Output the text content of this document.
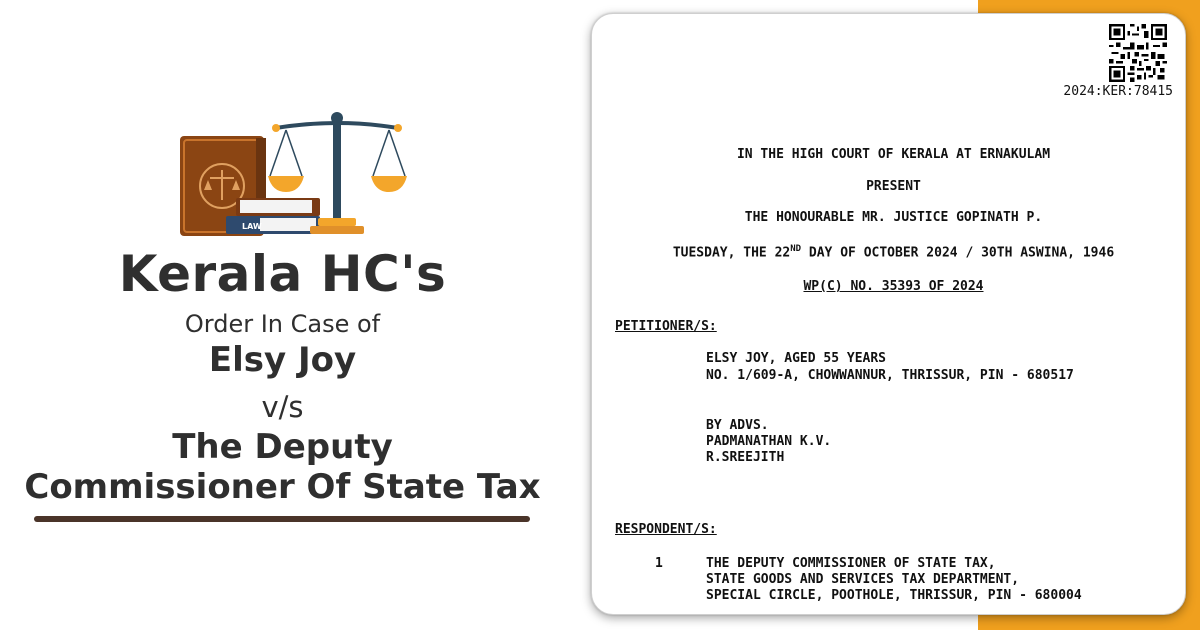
LAW
Kerala HC's
Order In Case of
Elsy Joy
v/s
The Deputy
Commissioner Of State Tax
2024:KER:78415
IN THE HIGH COURT OF KERALA AT ERNAKULAM
PRESENT
THE HONOURABLE MR. JUSTICE GOPINATH P.
TUESDAY, THE 22ND DAY OF OCTOBER 2024 / 30TH ASWINA, 1946
WP(C) NO. 35393 OF 2024
PETITIONER/S:
ELSY JOY, AGED 55 YEARS
NO. 1/609-A, CHOWWANNUR, THRISSUR, PIN - 680517
BY ADVS.
PADMANATHAN K.V.
R.SREEJITH
RESPONDENT/S:
1	THE DEPUTY COMMISSIONER OF STATE TAX,
STATE GOODS AND SERVICES TAX DEPARTMENT,
SPECIAL CIRCLE, POOTHOLE, THRISSUR, PIN - 680004
